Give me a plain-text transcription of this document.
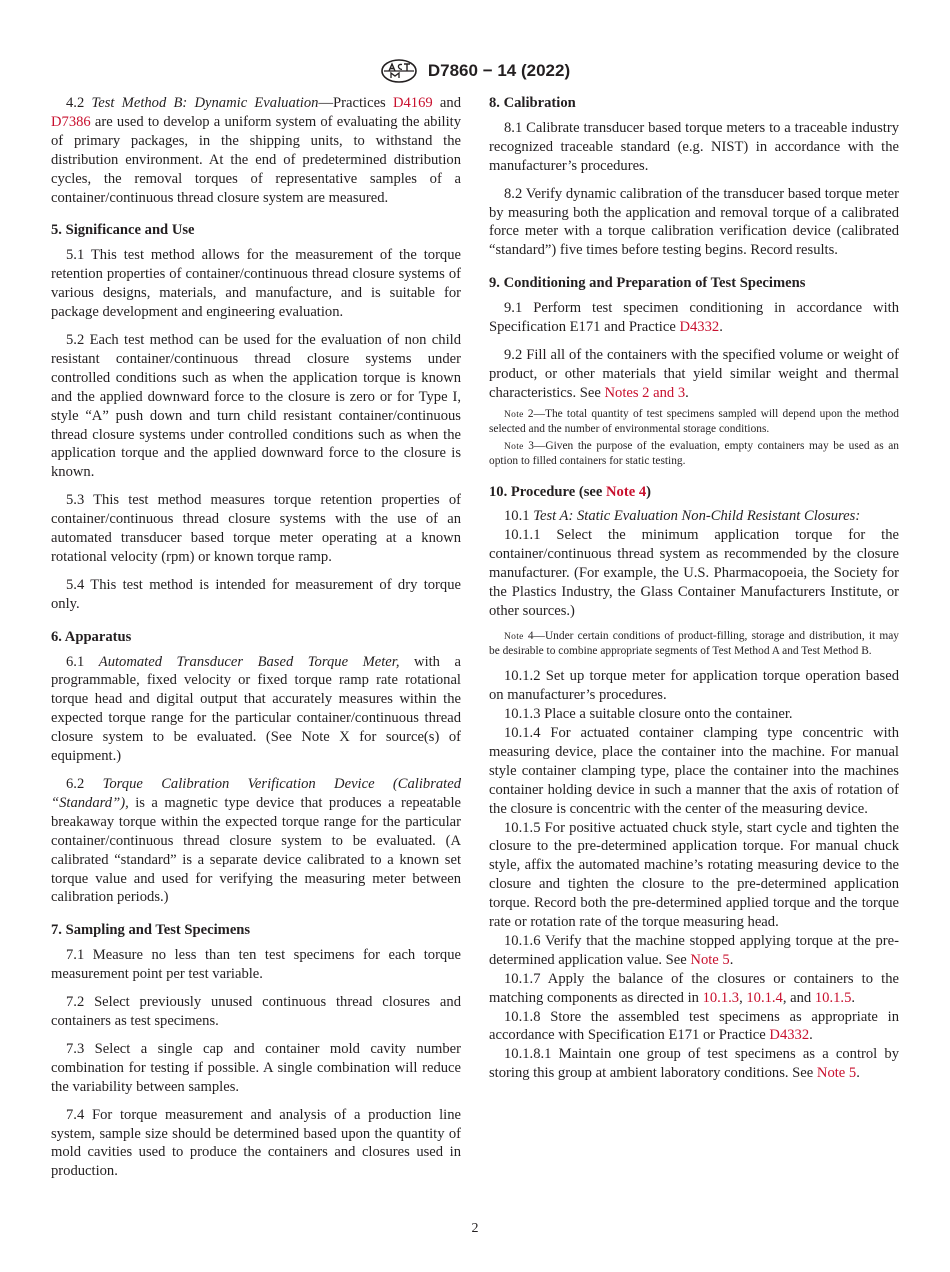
D7860 − 14 (2022)

4.2 Test Method B: Dynamic Evaluation—Practices D4169 and D7386 are used to develop a uniform system of evaluating the ability of primary packages, in the shipping units, to withstand the distribution environment. At the end of predetermined distribution cycles, the removal torques of representative samples of a container/continuous thread closure system are measured.

5. Significance and Use

5.1 This test method allows for the measurement of the torque retention properties of container/continuous thread closure systems of various designs, materials, and manufacture, and is suitable for package development and engineering evaluation.

5.2 Each test method can be used for the evaluation of non child resistant container/continuous thread closure systems under controlled conditions such as when the application torque is known and the applied downward force to the closure is zero or for Type I, style “A” push down and turn child resistant container/continuous thread closure systems under controlled conditions such as when the application torque and the applied downward force to the closure is known.

5.3 This test method measures torque retention properties of container/continuous thread closure systems with the use of an automated transducer based torque meter operating at a known rotational velocity (rpm) or known torque ramp.

5.4 This test method is intended for measurement of dry torque only.

6. Apparatus

6.1 Automated Transducer Based Torque Meter, with a programmable, fixed velocity or fixed torque ramp rate rotational torque head and digital output that accurately measures within the expected torque range for the particular container/continuous thread closure system to be evaluated. (See Note X for source(s) of equipment.)

6.2 Torque Calibration Verification Device (Calibrated “Standard”), is a magnetic type device that produces a repeatable breakaway torque within the expected torque range for the particular container/continuous thread closure system to be evaluated. (A calibrated “standard” is a separate device calibrated to a known set torque value and used for verifying the measuring meter between calibration periods.)

7. Sampling and Test Specimens

7.1 Measure no less than ten test specimens for each torque measurement point per test variable.

7.2 Select previously unused continuous thread closures and containers as test specimens.

7.3 Select a single cap and container mold cavity number combination for testing if possible. A single combination will reduce the variability between samples.

7.4 For torque measurement and analysis of a production line system, sample size should be determined based upon the quantity of mold cavities used to produce the containers and closures used in production.

8. Calibration

8.1 Calibrate transducer based torque meters to a traceable industry recognized traceable standard (e.g. NIST) in accordance with the manufacturer’s procedures.

8.2 Verify dynamic calibration of the transducer based torque meter by measuring both the application and removal torque of a calibrated force meter with a torque calibration verification device (calibrated “standard”) five times before testing begins. Record results.

9. Conditioning and Preparation of Test Specimens

9.1 Perform test specimen conditioning in accordance with Specification E171 and Practice D4332.

9.2 Fill all of the containers with the specified volume or weight of product, or other materials that yield similar weight and thermal characteristics. See Notes 2 and 3.

Note 2—The total quantity of test specimens sampled will depend upon the method selected and the number of environmental storage conditions.
Note 3—Given the purpose of the evaluation, empty containers may be used as an option to filled containers for static testing.
10. Procedure (see Note 4)

10.1 Test A: Static Evaluation Non-Child Resistant Closures:

10.1.1 Select the minimum application torque for the container/continuous thread system as recommended by the closure manufacturer. (For example, the U.S. Pharmacopoeia, the Society for the Plastics Industry, the Glass Container Manufacturers Institute, or other sources.)

Note 4—Under certain conditions of product-filling, storage and distribution, it may be desirable to combine appropriate segments of Test Method A and Test Method B.

10.1.2 Set up torque meter for application torque operation based on manufacturer’s procedures.

10.1.3 Place a suitable closure onto the container.

10.1.4 For actuated container clamping type concentric with measuring device, place the container into the machine. For manual style container clamping type, place the container into the machines container holding device in such a manner that the axis of rotation of the closure is concentric with the center of the measuring device.

10.1.5 For positive actuated chuck style, start cycle and tighten the closure to the pre-determined application torque. For manual chuck style, affix the automated machine’s rotating measuring device to the closure and tighten the closure to the pre-determined application torque. Record both the pre-determined applied torque and the torque rate or rotation rate of the torque measuring head.

10.1.6 Verify that the machine stopped applying torque at the pre-determined application value. See Note 5.

10.1.7 Apply the balance of the closures or containers to the matching components as directed in 10.1.3, 10.1.4, and 10.1.5.

10.1.8 Store the assembled test specimens as appropriate in accordance with Specification E171 or Practice D4332.

10.1.8.1 Maintain one group of test specimens as a control by storing this group at ambient laboratory conditions. See Note 5.

2
